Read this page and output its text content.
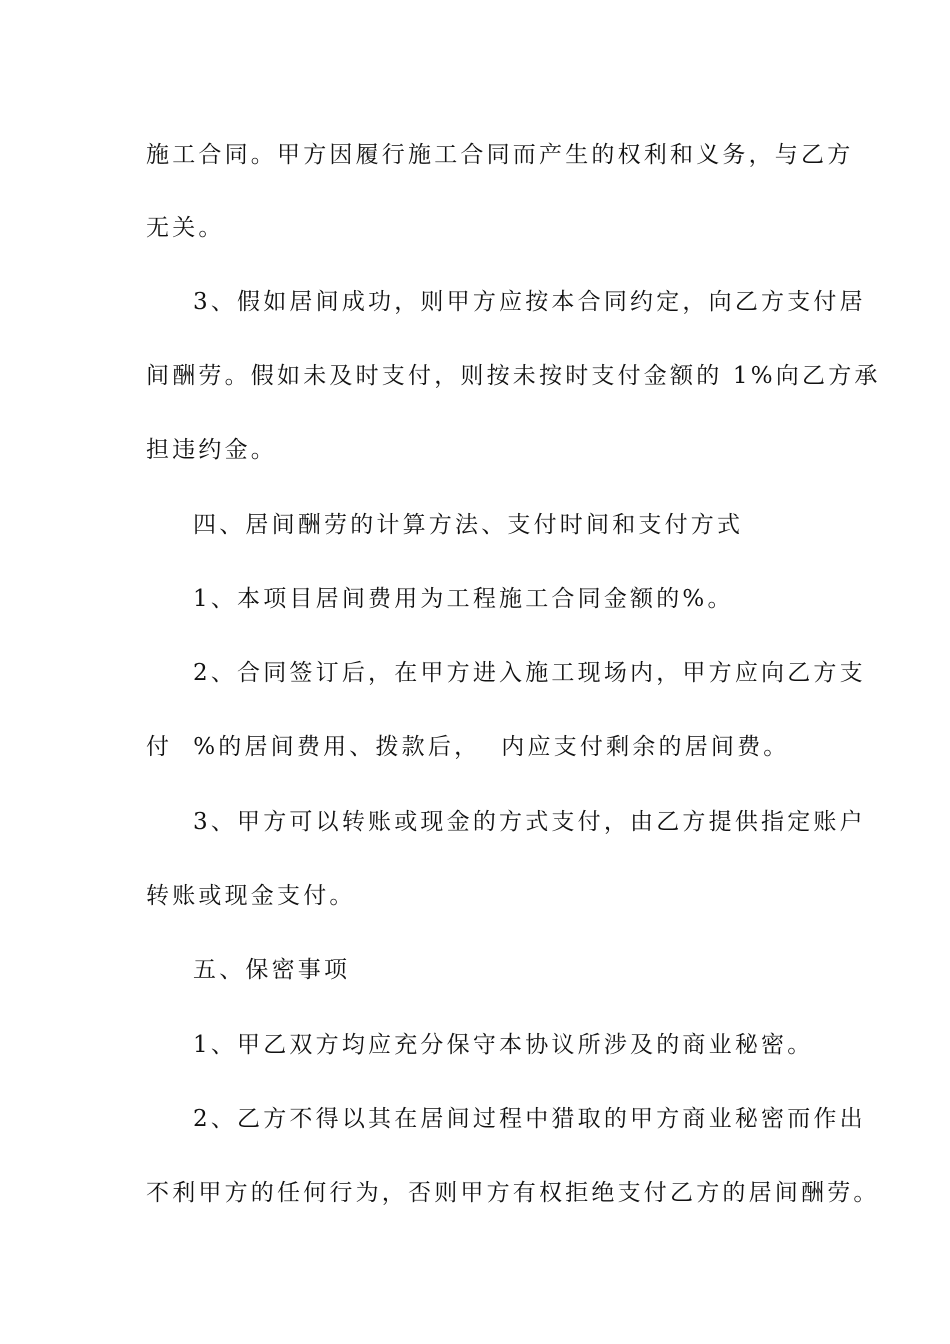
施工合同。甲方因履行施工合同而产生的权利和义务，与乙方
无关。
3、假如居间成功，则甲方应按本合同约定，向乙方支付居
间酬劳。假如未及时支付，则按未按时支付金额的 1%向乙方承
担违约金。
四、居间酬劳的计算方法、支付时间和支付方式
1、本项目居间费用为工程施工合同金额的%。
2、合同签订后，在甲方进入施工现场内，甲方应向乙方支
付  %的居间费用、拨款后，  内应支付剩余的居间费。
3、甲方可以转账或现金的方式支付，由乙方提供指定账户
转账或现金支付。
五、保密事项
1、甲乙双方均应充分保守本协议所涉及的商业秘密。
2、乙方不得以其在居间过程中猎取的甲方商业秘密而作出
不利甲方的任何行为，否则甲方有权拒绝支付乙方的居间酬劳。
